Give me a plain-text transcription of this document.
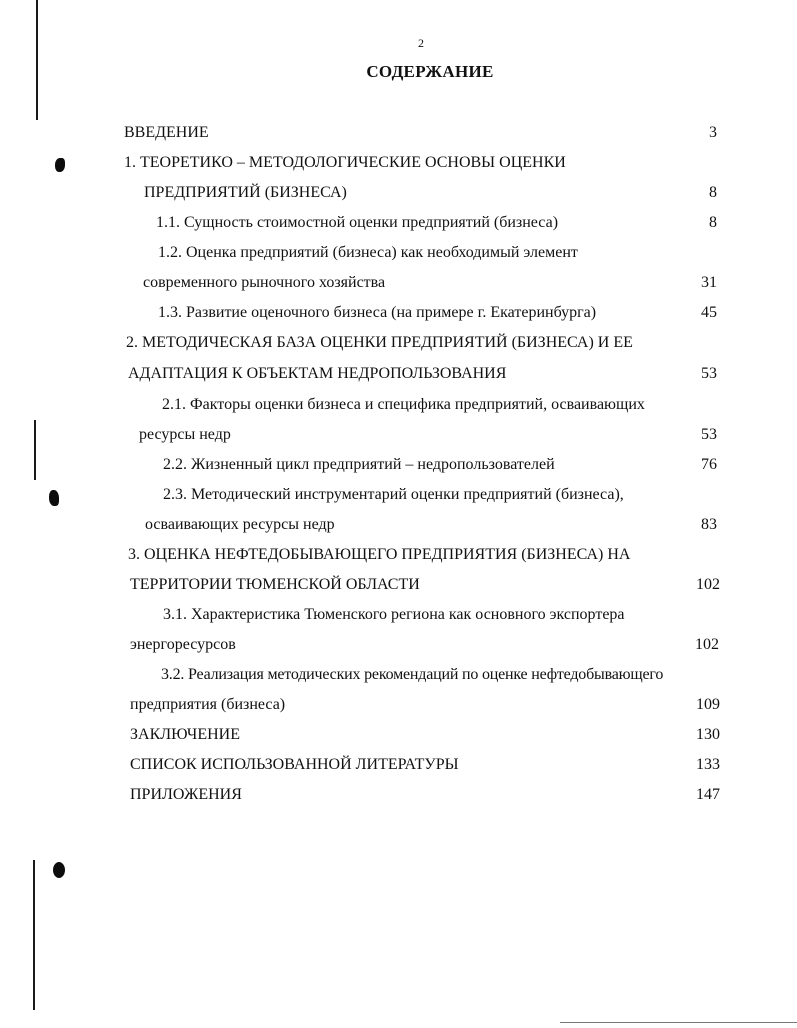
2
СОДЕРЖАНИЕ
ВВЕДЕНИЕ	3
1. ТЕОРЕТИКО – МЕТОДОЛОГИЧЕСКИЕ ОСНОВЫ ОЦЕНКИ
ПРЕДПРИЯТИЙ (БИЗНЕСА)	8
1.1. Сущность стоимостной оценки предприятий (бизнеса)	8
1.2. Оценка предприятий (бизнеса) как необходимый элемент
современного рыночного хозяйства	31
1.3. Развитие оценочного бизнеса (на примере г. Екатеринбурга)	45
2. МЕТОДИЧЕСКАЯ БАЗА ОЦЕНКИ ПРЕДПРИЯТИЙ (БИЗНЕСА) И ЕЕ
АДАПТАЦИЯ К ОБЪЕКТАМ НЕДРОПОЛЬЗОВАНИЯ	53
2.1. Факторы оценки бизнеса и специфика предприятий, осваивающих
ресурсы недр	53
2.2. Жизненный цикл предприятий – недропользователей	76
2.3. Методический инструментарий оценки предприятий (бизнеса),
осваивающих ресурсы недр	83
3. ОЦЕНКА НЕФТЕДОБЫВАЮЩЕГО ПРЕДПРИЯТИЯ (БИЗНЕСА) НА
ТЕРРИТОРИИ ТЮМЕНСКОЙ ОБЛАСТИ	102
3.1. Характеристика Тюменского региона как основного экспортера
энергоресурсов	102
3.2. Реализация методических рекомендаций по оценке нефтедобывающего
предприятия (бизнеса)	109
ЗАКЛЮЧЕНИЕ	130
СПИСОК ИСПОЛЬЗОВАННОЙ ЛИТЕРАТУРЫ	133
ПРИЛОЖЕНИЯ	147
